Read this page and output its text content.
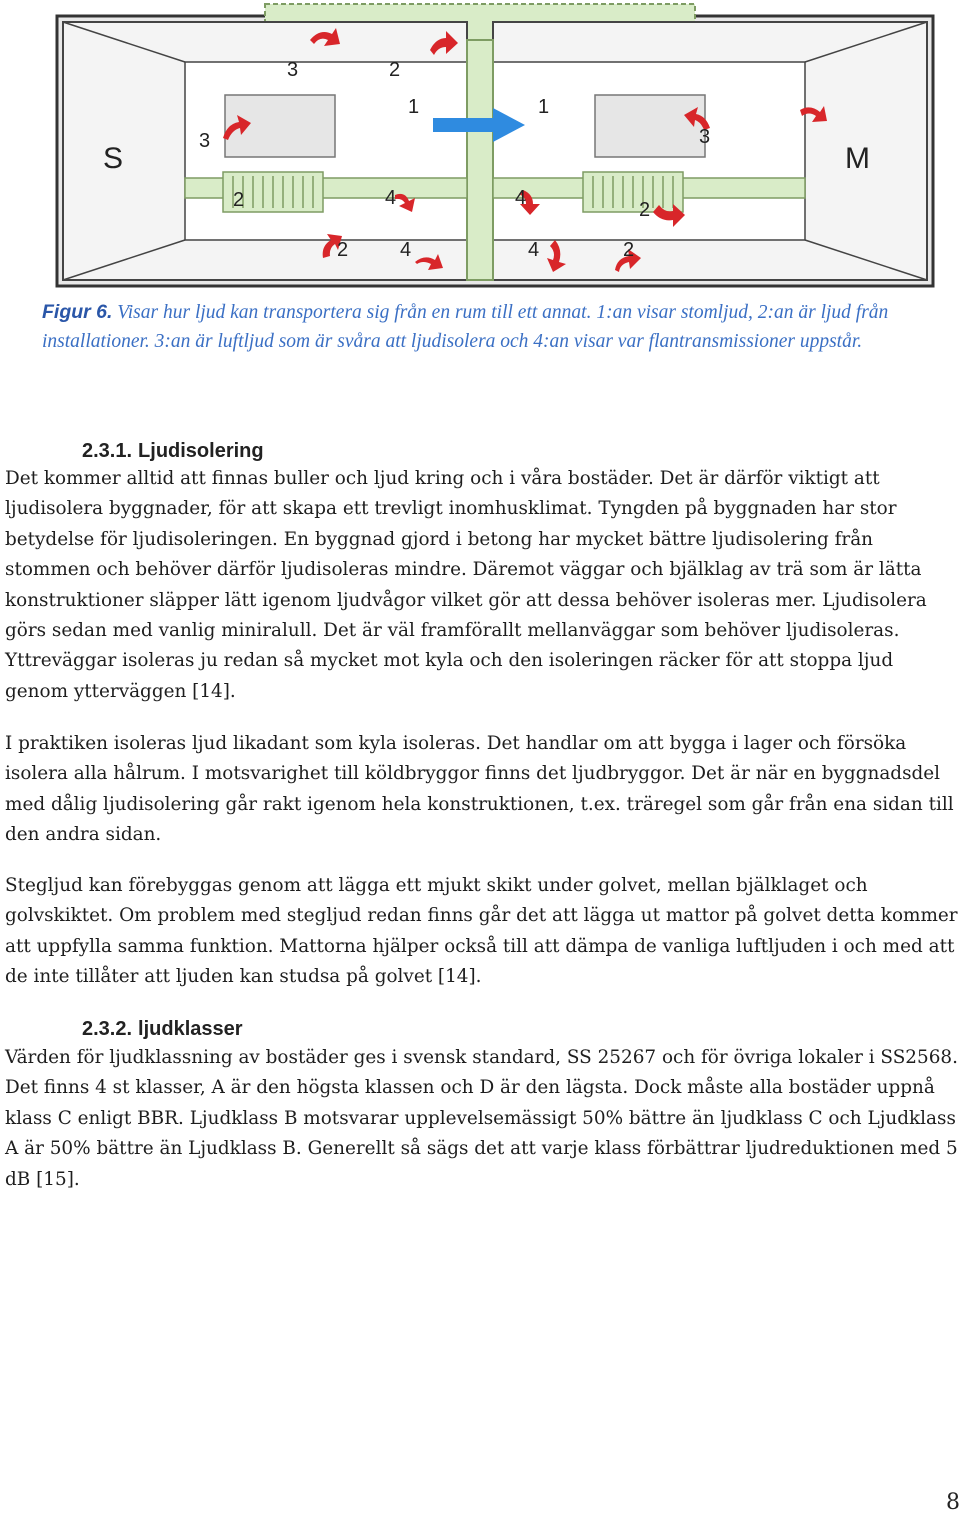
S	M
3	2
1	1
3	3
2	2
4	4
2	4	4	2

Figur 6. Visar hur ljud kan transportera sig från en rum till ett annat. 1:an visar stomljud, 2:an är ljud från installationer. 3:an är luftljud som är svåra att ljudisolera och 4:an visar var flantransmissioner uppstår.

2.3.1. Ljudisolering

Det kommer alltid att finnas buller och ljud kring och i våra bostäder. Det är därför viktigt att ljudisolera byggnader, för att skapa ett trevligt inomhusklimat. Tyngden på byggnaden har stor betydelse för ljudisoleringen. En byggnad gjord i betong har mycket bättre ljudisolering från stommen och behöver därför ljudisoleras mindre. Däremot väggar och bjälklag av trä som är lätta konstruktioner släpper lätt igenom ljudvågor vilket gör att dessa behöver isoleras mer. Ljudisolera görs sedan med vanlig miniralull. Det är väl framförallt mellanväggar som behöver ljudisoleras. Yttreväggar isoleras ju redan så mycket mot kyla och den isoleringen räcker för att stoppa ljud genom ytterväggen [14].

I praktiken isoleras ljud likadant som kyla isoleras. Det handlar om att bygga i lager och försöka isolera alla hålrum. I motsvarighet till köldbryggor finns det ljudbryggor. Det är när en byggnadsdel med dålig ljudisolering går rakt igenom hela konstruktionen, t.ex. träregel som går från ena sidan till den andra sidan.

Stegljud kan förebyggas genom att lägga ett mjukt skikt under golvet, mellan bjälklaget och golvskiktet. Om problem med stegljud redan finns går det att lägga ut mattor på golvet detta kommer att uppfylla samma funktion. Mattorna hjälper också till att dämpa de vanliga luftljuden i och med att de inte tillåter att ljuden kan studsa på golvet [14].

2.3.2. ljudklasser

Värden för ljudklassning av bostäder ges i svensk standard, SS 25267 och för övriga lokaler i SS2568. Det finns 4 st klasser, A är den högsta klassen och D är den lägsta. Dock måste alla bostäder uppnå klass C enligt BBR. Ljudklass B motsvarar upplevelsemässigt 50% bättre än ljudklass C och Ljudklass A är 50% bättre än Ljudklass B. Generellt så sägs det att varje klass förbättrar ljudreduktionen med 5 dB [15].

8
